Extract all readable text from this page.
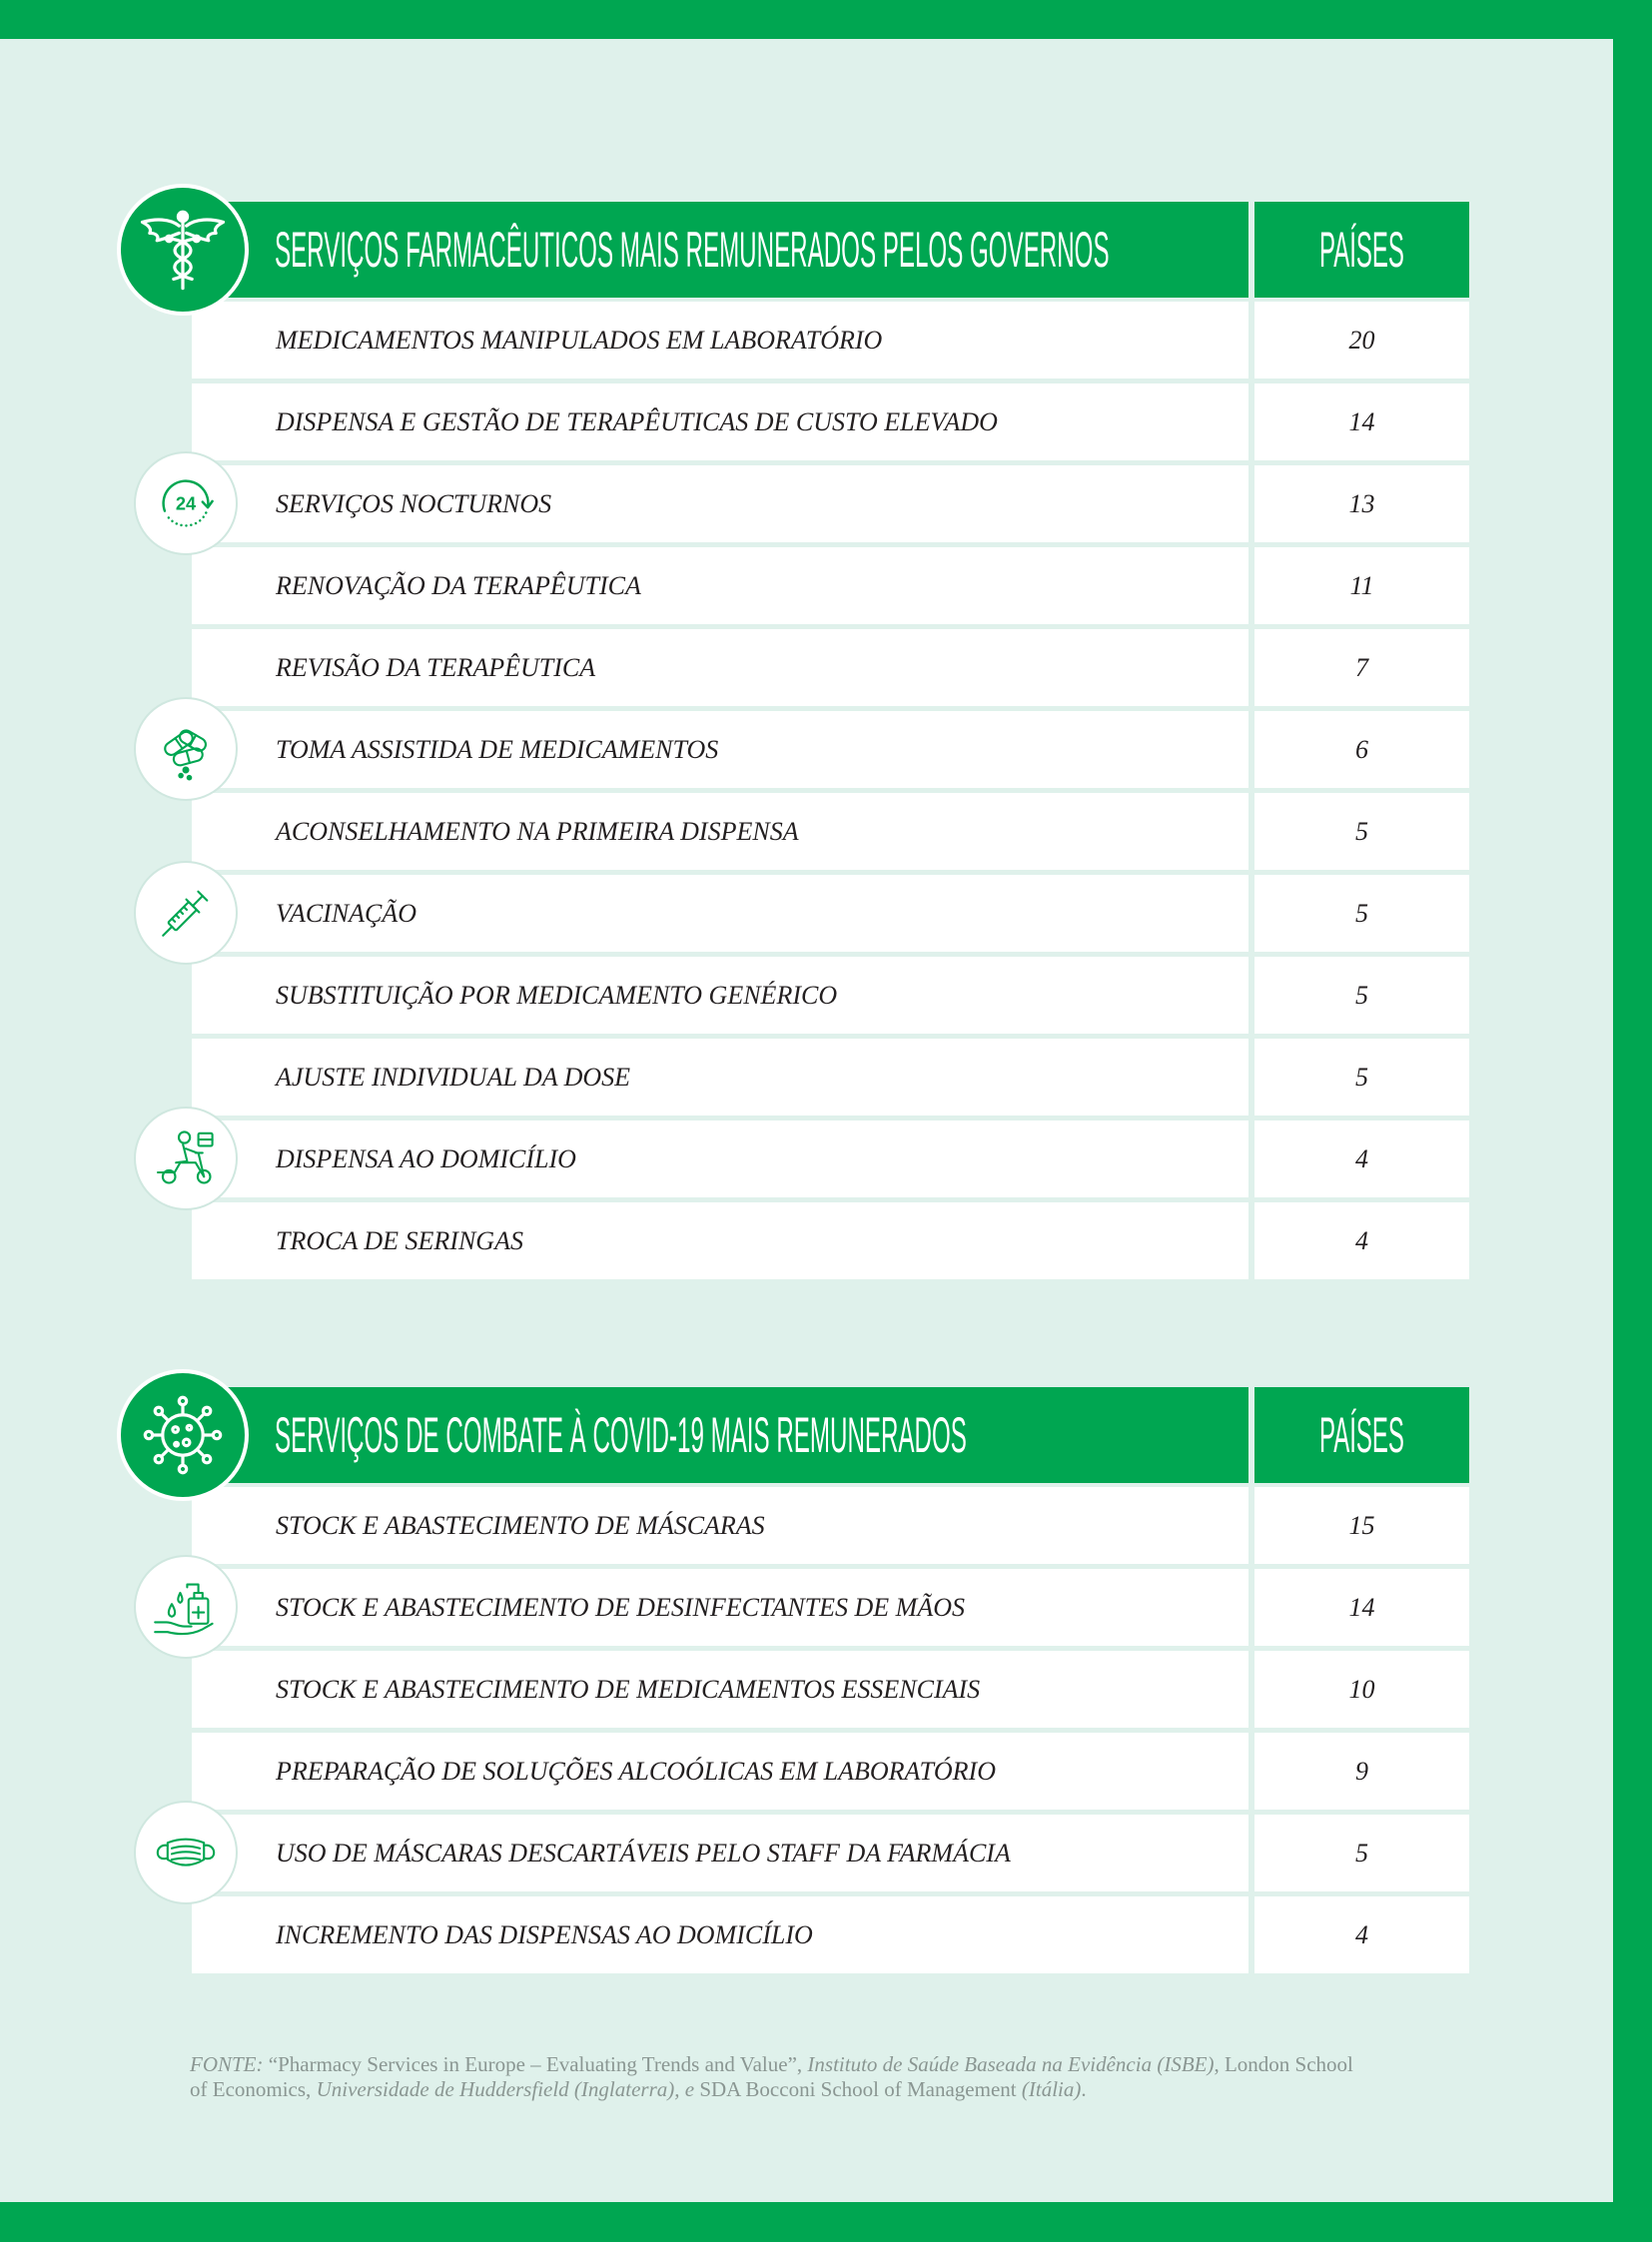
SERVIÇOS FARMACÊUTICOS MAIS REMUNERADOS PELOS GOVERNOS	PAÍSES
MEDICAMENTOS MANIPULADOS EM LABORATÓRIO	20
DISPENSA E GESTÃO DE TERAPÊUTICAS DE CUSTO ELEVADO	14
SERVIÇOS NOCTURNOS	13
RENOVAÇÃO DA TERAPÊUTICA	11
REVISÃO DA TERAPÊUTICA	7
TOMA ASSISTIDA DE MEDICAMENTOS	6
ACONSELHAMENTO NA PRIMEIRA DISPENSA	5
VACINAÇÃO	5
SUBSTITUIÇÃO POR MEDICAMENTO GENÉRICO	5
AJUSTE INDIVIDUAL DA DOSE	5
DISPENSA AO DOMICÍLIO	4
TROCA DE SERINGAS	4
SERVIÇOS DE COMBATE À COVID-19 MAIS REMUNERADOS	PAÍSES
STOCK E ABASTECIMENTO DE MÁSCARAS	15
STOCK E ABASTECIMENTO DE DESINFECTANTES DE MÃOS	14
STOCK E ABASTECIMENTO DE MEDICAMENTOS ESSENCIAIS	10
PREPARAÇÃO DE SOLUÇÕES ALCOÓLICAS EM LABORATÓRIO	9
USO DE MÁSCARAS DESCARTÁVEIS PELO STAFF DA FARMÁCIA	5
INCREMENTO DAS DISPENSAS AO DOMICÍLIO	4
24
FONTE: “Pharmacy Services in Europe – Evaluating Trends and Value”, Instituto de Saúde Baseada na Evidência (ISBE), London School
of Economics, Universidade de Huddersfield (Inglaterra), e SDA Bocconi School of Management (Itália).
